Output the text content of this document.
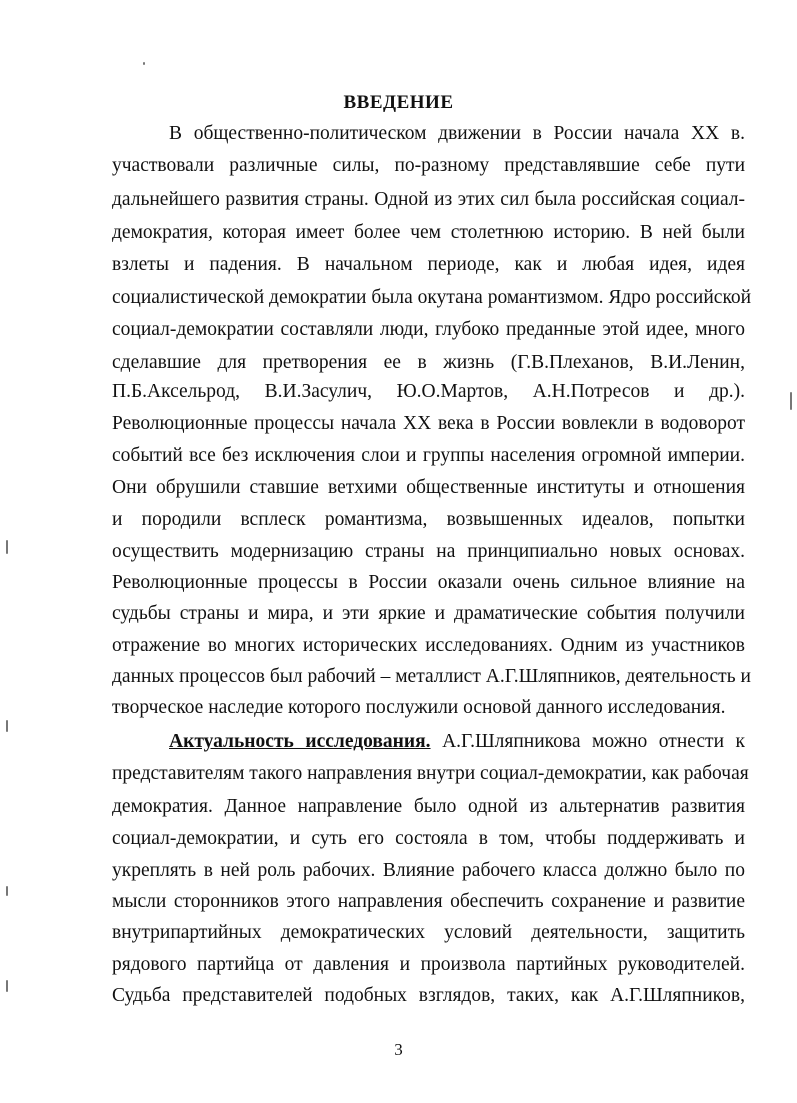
ВВЕДЕНИЕ
В общественно-политическом движении в России начала XX в.
участвовали различные силы, по-разному представлявшие себе пути
дальнейшего развития страны. Одной из этих сил была российская социал-
демократия, которая имеет более чем столетнюю историю. В ней были
взлеты и падения. В начальном периоде, как и любая идея, идея
социалистической демократии была окутана романтизмом. Ядро российской
социал-демократии составляли люди, глубоко преданные этой идее, много
сделавшие для претворения ее в жизнь (Г.В.Плеханов, В.И.Ленин,
П.Б.Аксельрод, В.И.Засулич, Ю.О.Мартов, А.Н.Потресов и др.).
Революционные процессы начала XX века в России вовлекли в водоворот
событий все без исключения слои и группы населения огромной империи.
Они обрушили ставшие ветхими общественные институты и отношения
и породили всплеск романтизма, возвышенных идеалов, попытки
осуществить модернизацию страны на принципиально новых основах.
Революционные процессы в России оказали очень сильное влияние на
судьбы страны и мира, и эти яркие и драматические события получили
отражение во многих исторических исследованиях. Одним из участников
данных процессов был рабочий – металлист А.Г.Шляпников, деятельность и
творческое наследие которого послужили основой данного исследования.
Актуальность исследования. А.Г.Шляпникова можно отнести к
представителям такого направления внутри социал-демократии, как рабочая
демократия. Данное направление было одной из альтернатив развития
социал-демократии, и суть его состояла в том, чтобы поддерживать и
укреплять в ней роль рабочих. Влияние рабочего класса должно было по
мысли сторонников этого направления обеспечить сохранение и развитие
внутрипартийных демократических условий деятельности, защитить
рядового партийца от давления и произвола партийных руководителей.
Судьба представителей подобных взглядов, таких, как А.Г.Шляпников,
3
